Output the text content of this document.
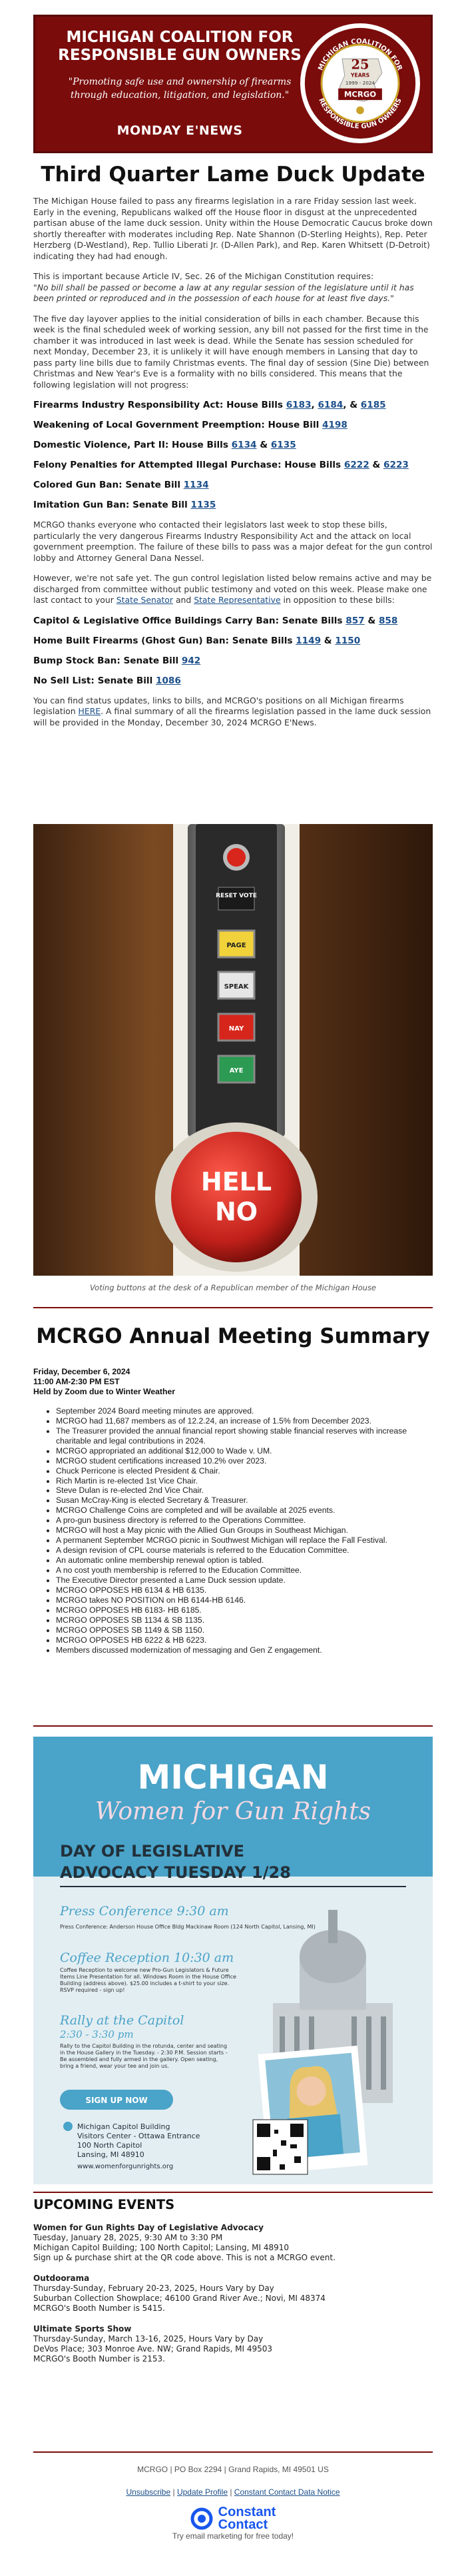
MICHIGAN COALITION FOR RESPONSIBLE GUN OWNERS
"Promoting safe use and ownership of firearms through education, litigation, and legislation."
MONDAY E'NEWS
MICHIGAN COALITION FOR
RESPONSIBLE GUN OWNERS
25
YEARS
1999 - 2024
MCRGO
Third Quarter Lame Duck Update

The Michigan House failed to pass any firearms legislation in a rare Friday session last week. Early in the evening, Republicans walked off the House floor in disgust at the unprecedented partisan abuse of the lame duck session. Unity within the House Democratic Caucus broke down shortly thereafter with moderates including Rep. Nate Shannon (D-Sterling Heights), Rep. Peter Herzberg (D-Westland), Rep. Tullio Liberati Jr. (D-Allen Park), and Rep. Karen Whitsett (D-Detroit) indicating they had had enough.

This is important because Article IV, Sec. 26 of the Michigan Constitution requires:
"No bill shall be passed or become a law at any regular session of the legislature until it has been printed or reproduced and in the possession of each house for at least five days."

The five day layover applies to the initial consideration of bills in each chamber. Because this week is the final scheduled week of working session, any bill not passed for the first time in the chamber it was introduced in last week is dead. While the Senate has session scheduled for next Monday, December 23, it is unlikely it will have enough members in Lansing that day to pass party line bills due to family Christmas events. The final day of session (Sine Die) between Christmas and New Year's Eve is a formality with no bills considered. This means that the following legislation will not progress:

Firearms Industry Responsibility Act: House Bills 6183, 6184, & 6185

Weakening of Local Government Preemption: House Bill 4198

Domestic Violence, Part II: House Bills 6134 & 6135

Felony Penalties for Attempted Illegal Purchase: House Bills 6222 & 6223

Colored Gun Ban: Senate Bill 1134

Imitation Gun Ban: Senate Bill 1135

MCRGO thanks everyone who contacted their legislators last week to stop these bills, particularly the very dangerous Firearms Industry Responsibility Act and the attack on local government preemption. The failure of these bills to pass was a major defeat for the gun control lobby and Attorney General Dana Nessel.

However, we're not safe yet. The gun control legislation listed below remains active and may be discharged from committee without public testimony and voted on this week. Please make one last contact to your State Senator and State Representative in opposition to these bills:

Capitol & Legislative Office Buildings Carry Ban: Senate Bills 857 & 858

Home Built Firearms (Ghost Gun) Ban: Senate Bills 1149 & 1150

Bump Stock Ban: Senate Bill 942

No Sell List: Senate Bill 1086

You can find status updates, links to bills, and MCRGO's positions on all Michigan firearms legislation HERE. A final summary of all the firearms legislation passed in the lame duck session will be provided in the Monday, December 30, 2024 MCRGO E'News.

RESET VOTE
PAGE
SPEAK
NAY
AYE
HELL
NO
Voting buttons at the desk of a Republican member of the Michigan House
MCRGO Annual Meeting Summary
Friday, December 6, 2024
11:00 AM-2:30 PM EST
Held by Zoom due to Winter Weather
• September 2024 Board meeting minutes are approved.
• MCRGO had 11,687 members as of 12.2.24, an increase of 1.5% from December 2023.
• The Treasurer provided the annual financial report showing stable financial reserves with increase charitable and legal contributions in 2024.
• MCRGO appropriated an additional $12,000 to Wade v. UM.
• MCRGO student certifications increased 10.2% over 2023.
• Chuck Perricone is elected President & Chair.
• Rich Martin is re-elected 1st Vice Chair.
• Steve Dulan is re-elected 2nd Vice Chair.
• Susan McCray-King is elected Secretary & Treasurer.
• MCRGO Challenge Coins are completed and will be available at 2025 events.
• A pro-gun business directory is referred to the Operations Committee.
• MCRGO will host a May picnic with the Allied Gun Groups in Southeast Michigan.
• A permanent September MCRGO picnic in Southwest Michigan will replace the Fall Festival.
• A design revision of CPL course materials is referred to the Education Committee.
• An automatic online membership renewal option is tabled.
• A no cost youth membership is referred to the Education Committee.
• The Executive Director presented a Lame Duck session update.
• MCRGO OPPOSES HB 6134 & HB 6135.
• MCRGO takes NO POSITION on HB 6144-HB 6146.
• MCRGO OPPOSES HB 6183- HB 6185.
• MCRGO OPPOSES SB 1134 & SB 1135.
• MCRGO OPPOSES SB 1149 & SB 1150.
• MCRGO OPPOSES HB 6222 & HB 6223.
• Members discussed modernization of messaging and Gen Z engagement.
MICHIGAN
Women for Gun Rights
DAY OF LEGISLATIVE
ADVOCACY TUESDAY 1/28
Press Conference 9:30 am
Press Conference: Anderson House Office Bldg Mackinaw Room (124 North Capitol, Lansing, MI)
Coffee Reception 10:30 am
Coffee Reception to welcome new Pro-Gun Legislators & Future Items Line Presentation for all. Windows Room in the House Office Building (address above). $25.00 includes a t-shirt to your size. RSVP required - sign up!
Rally at the Capitol
2:30 - 3:30 pm
Rally to the Capitol Building in the rotunda, center and seating in the House Gallery in the Tuesday. - 2:30 P.M. Session starts - Be assembled and fully armed in the gallery. Open seating, bring a friend, wear your tee and join us.
SIGN UP NOW
Michigan Capitol Building
Visitors Center - Ottawa Entrance
100 North Capitol
Lansing, MI 48910
www.womenforgunrights.org
UPCOMING EVENTS
Women for Gun Rights Day of Legislative Advocacy
Tuesday, January 28, 2025, 9:30 AM to 3:30 PM
Michigan Capitol Building; 100 North Capitol; Lansing, MI 48910
Sign up & purchase shirt at the QR code above. This is not a MCRGO event.
Outdoorama
Thursday-Sunday, February 20-23, 2025, Hours Vary by Day
Suburban Collection Showplace; 46100 Grand River Ave.; Novi, MI 48374
MCRGO's Booth Number is 5415.
Ultimate Sports Show
Thursday-Sunday, March 13-16, 2025, Hours Vary by Day
DeVos Place; 303 Monroe Ave. NW; Grand Rapids, MI 49503
MCRGO's Booth Number is 2153.
MCRGO | PO Box 2294 | Grand Rapids, MI 49501 US
Unsubscribe | Update Profile | Constant Contact Data Notice
Constant
Contact
Try email marketing for free today!
